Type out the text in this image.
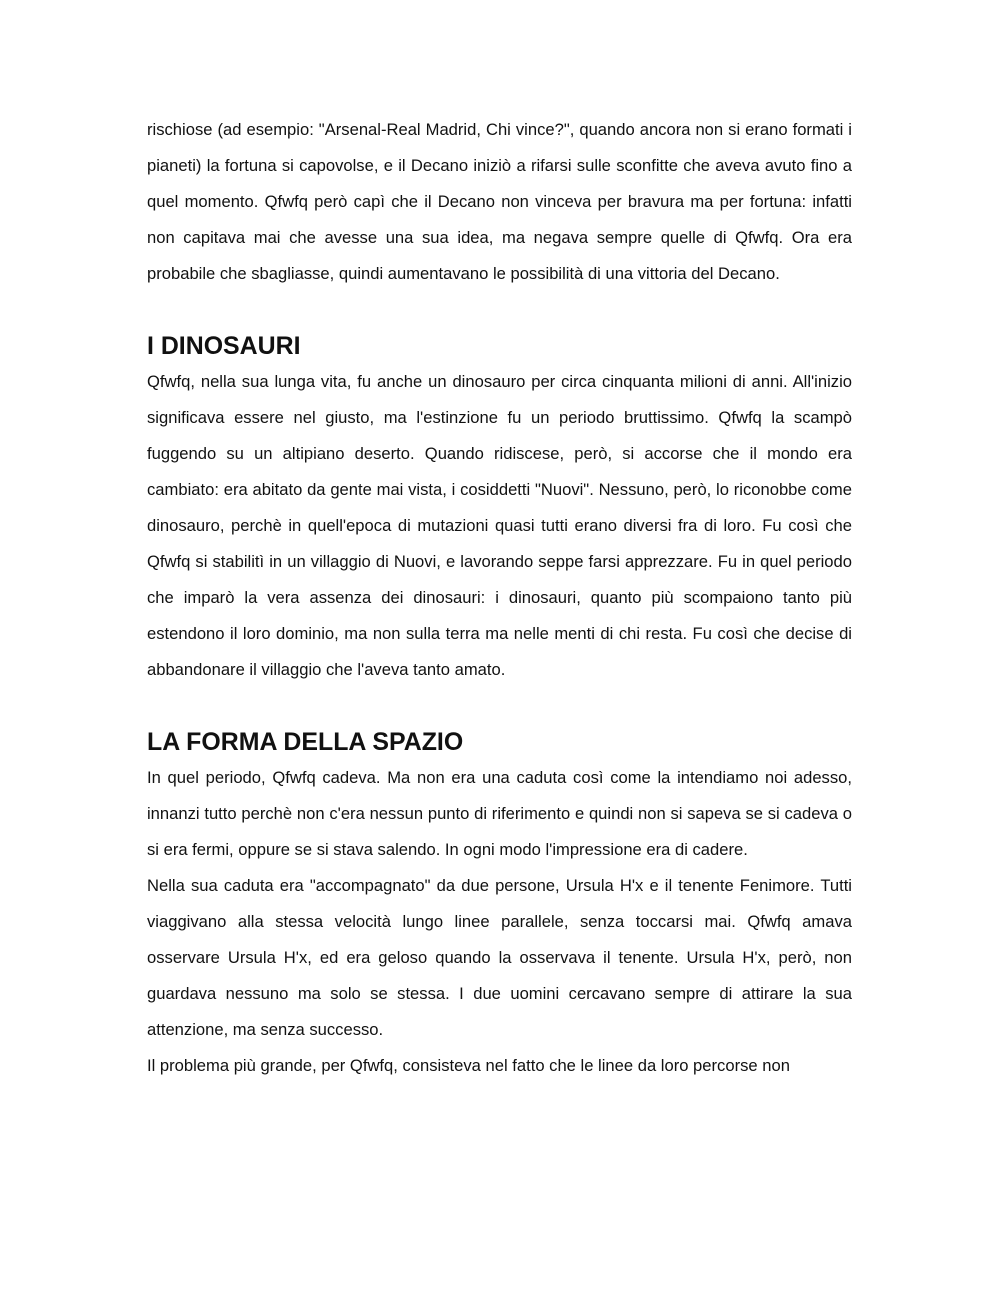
rischiose (ad esempio: "Arsenal-Real Madrid, Chi vince?", quando ancora non si erano formati i pianeti) la fortuna si capovolse, e il Decano iniziò a rifarsi sulle sconfitte che aveva avuto fino a quel momento. Qfwfq però capì che il Decano non vinceva per bravura ma per fortuna: infatti non capitava mai che avesse una sua idea, ma negava sempre quelle di Qfwfq. Ora era probabile che sbagliasse, quindi aumentavano le possibilità di una vittoria del Decano.

I DINOSAURI

Qfwfq, nella sua lunga vita, fu anche un dinosauro per circa cinquanta milioni di anni. All'inizio significava essere nel giusto, ma l'estinzione fu un periodo bruttissimo. Qfwfq la scampò fuggendo su un altipiano deserto. Quando ridiscese, però, si accorse che il mondo era cambiato: era abitato da gente mai vista, i cosiddetti "Nuovi". Nessuno, però, lo riconobbe come dinosauro, perchè in quell'epoca di mutazioni quasi tutti erano diversi fra di loro. Fu così che Qfwfq si stabilitì in un villaggio di Nuovi, e lavorando seppe farsi apprezzare. Fu in quel periodo che imparò la vera assenza dei dinosauri: i dinosauri, quanto più scompaiono tanto più estendono il loro dominio, ma non sulla terra ma nelle menti di chi resta. Fu così che decise di abbandonare il villaggio che l'aveva tanto amato.

LA FORMA DELLA SPAZIO

In quel periodo, Qfwfq cadeva. Ma non era una caduta così come la intendiamo noi adesso, innanzi tutto perchè non c'era nessun punto di riferimento e quindi non si sapeva se si cadeva o si era fermi, oppure se si stava salendo. In ogni modo l'impressione era di cadere.

Nella sua caduta era "accompagnato" da due persone, Ursula H'x e il tenente Fenimore. Tutti viaggivano alla stessa velocità lungo linee parallele, senza toccarsi mai. Qfwfq amava osservare Ursula H'x, ed era geloso quando la osservava il tenente. Ursula H'x, però, non guardava nessuno ma solo se stessa. I due uomini cercavano sempre di attirare la sua attenzione, ma senza successo.

Il problema più grande, per Qfwfq, consisteva nel fatto che le linee da loro percorse non
